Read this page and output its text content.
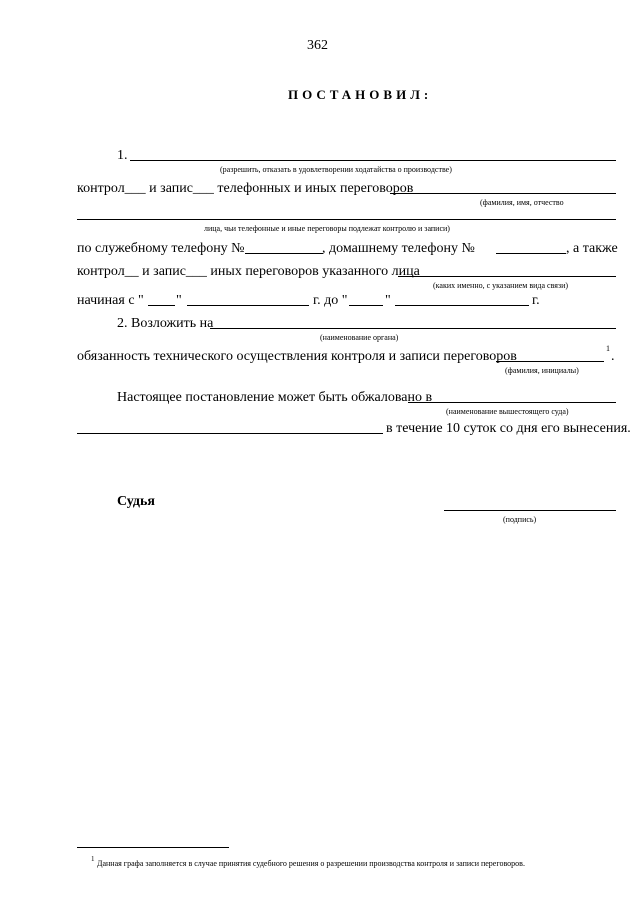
362
ПОСТАНОВИЛ:
1.
(разрешить, отказать в удовлетворении ходатайства о производстве)
контрол___ и запис___ телефонных и иных переговоров
(фамилия, имя, отчество
лица, чьи телефонные и иные переговоры подлежат контролю и записи)
по служебному телефону №	, домашнему телефону №	, а также
контрол__ и запис___ иных переговоров указанного лица
(каких именно, с указанием вида связи)
начиная с " "	г. до "	"	г.
2. Возложить на
(наименование органа)
обязанность технического осуществления контроля и записи переговоров
1
.
(фамилия, инициалы)
Настоящее постановление может быть обжаловано в
(наименование вышестоящего суда)
в течение 10 суток со дня его вынесения.
Судья
(подпись)
1 Данная графа заполняется в случае принятия судебного решения о разрешении производства контроля и записи переговоров.
